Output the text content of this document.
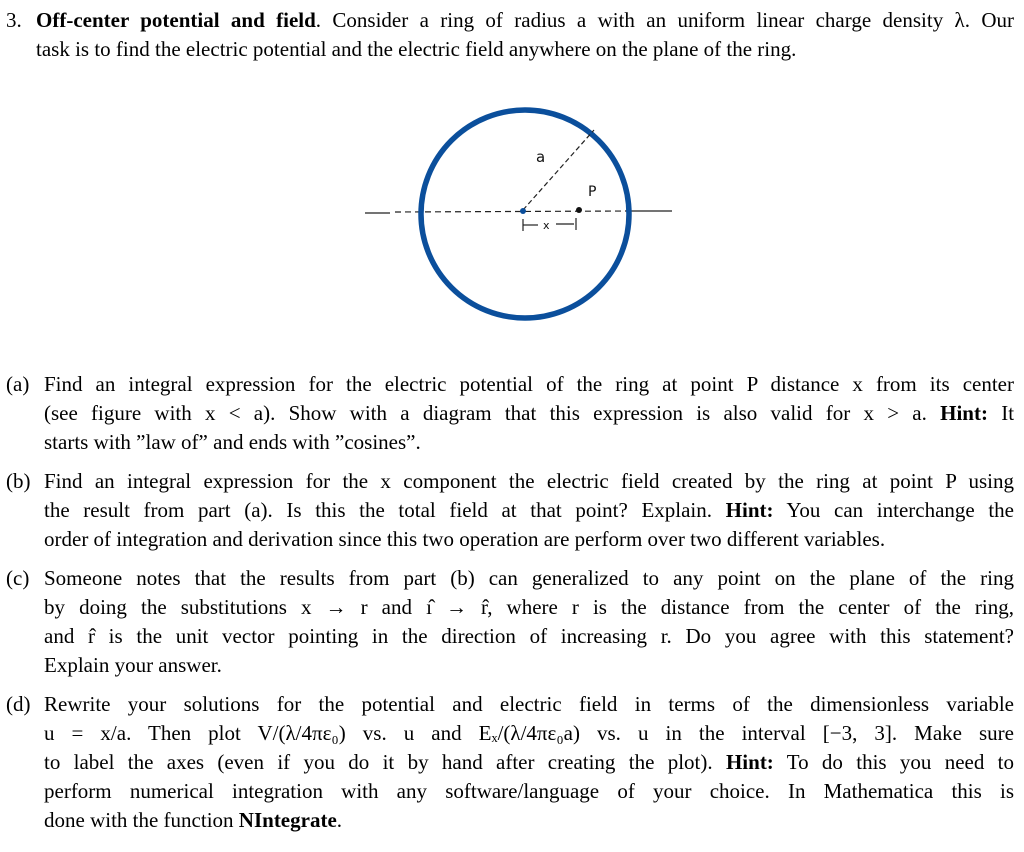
3. Off-center potential and field. Consider a ring of radius a with an uniform linear charge density λ. Our
task is to find the electric potential and the electric field anywhere on the plane of the ring.
a
P
x
(a) Find an integral expression for the electric potential of the ring at point P distance x from its center
(see figure with x < a). Show with a diagram that this expression is also valid for x > a. Hint: It
starts with ”law of” and ends with ”cosines”.
(b) Find an integral expression for the x component the electric field created by the ring at point P using
the result from part (a). Is this the total field at that point? Explain. Hint: You can interchange the
order of integration and derivation since this two operation are perform over two different variables.
(c) Someone notes that the results from part (b) can generalized to any point on the plane of the ring
by doing the substitutions x → r and ı̂ → r̂, where r is the distance from the center of the ring,
and r̂ is the unit vector pointing in the direction of increasing r. Do you agree with this statement?
Explain your answer.
(d) Rewrite your solutions for the potential and electric field in terms of the dimensionless variable
u = x/a. Then plot V/(λ/4πε₀) vs. u and Eₓ/(λ/4πε₀a) vs. u in the interval [−3, 3]. Make sure
to label the axes (even if you do it by hand after creating the plot). Hint: To do this you need to
perform numerical integration with any software/language of your choice. In Mathematica this is
done with the function NIntegrate.
